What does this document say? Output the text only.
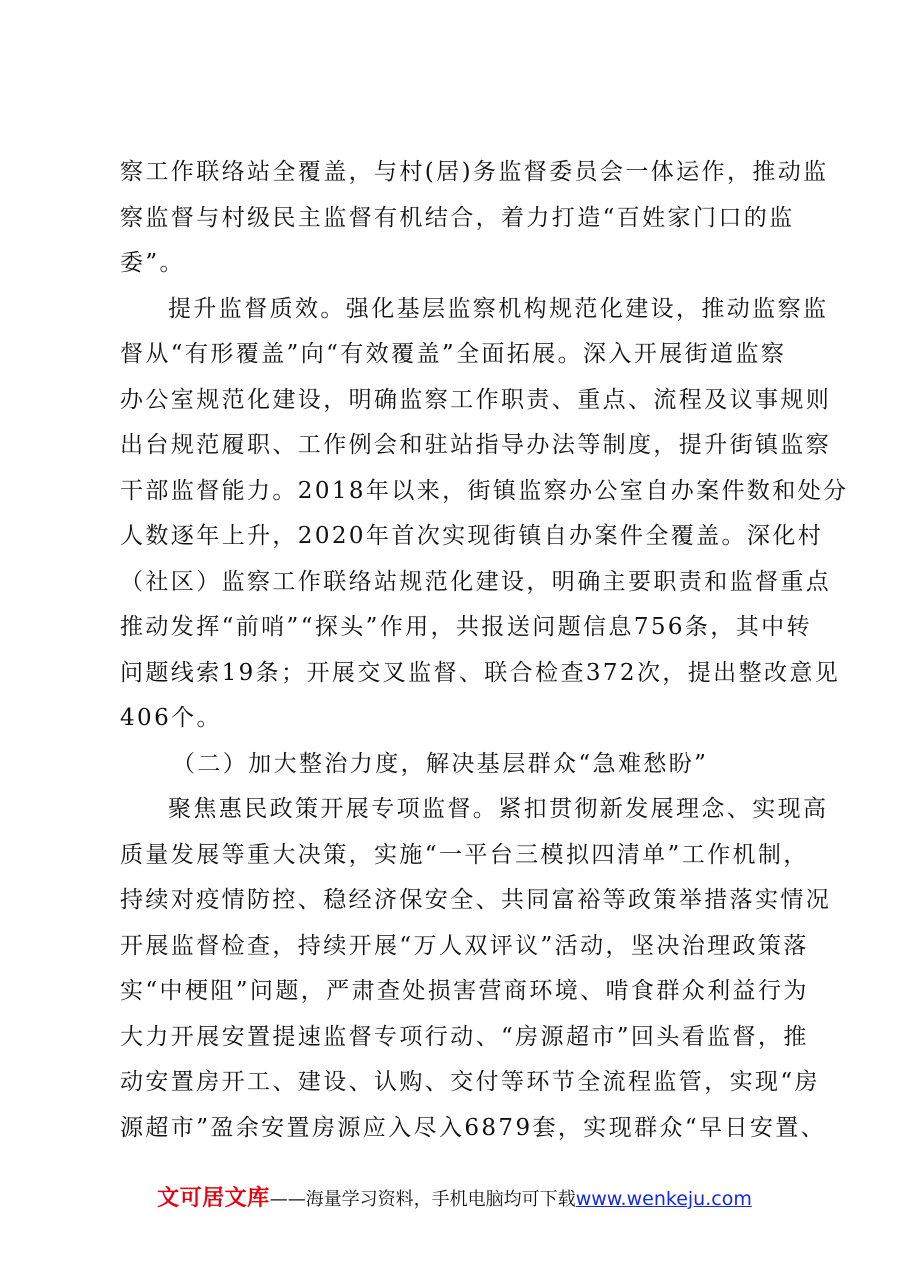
察工作联络站全覆盖，与村(居)务监督委员会一体运作，推动监
察监督与村级民主监督有机结合，着力打造“百姓家门口的监
委”。
提升监督质效。强化基层监察机构规范化建设，推动监察监
督从“有形覆盖”向“有效覆盖”全面拓展。深入开展街道监察
办公室规范化建设，明确监察工作职责、重点、流程及议事规则
出台规范履职、工作例会和驻站指导办法等制度，提升街镇监察
干部监督能力。2018年以来，街镇监察办公室自办案件数和处分
人数逐年上升，2020年首次实现街镇自办案件全覆盖。深化村
（社区）监察工作联络站规范化建设，明确主要职责和监督重点
推动发挥“前哨”“探头”作用，共报送问题信息756条，其中转
问题线索19条；开展交叉监督、联合检查372次，提出整改意见
406个。
（二）加大整治力度，解决基层群众“急难愁盼”
聚焦惠民政策开展专项监督。紧扣贯彻新发展理念、实现高
质量发展等重大决策，实施“一平台三模拟四清单”工作机制，
持续对疫情防控、稳经济保安全、共同富裕等政策举措落实情况
开展监督检查，持续开展“万人双评议”活动，坚决治理政策落
实“中梗阻”问题，严肃查处损害营商环境、啃食群众利益行为
大力开展安置提速监督专项行动、“房源超市”回头看监督，推
动安置房开工、建设、认购、交付等环节全流程监管，实现“房
源超市”盈余安置房源应入尽入6879套，实现群众“早日安置、
文可居文库——海量学习资料，手机电脑均可下载www.wenkeju.com
